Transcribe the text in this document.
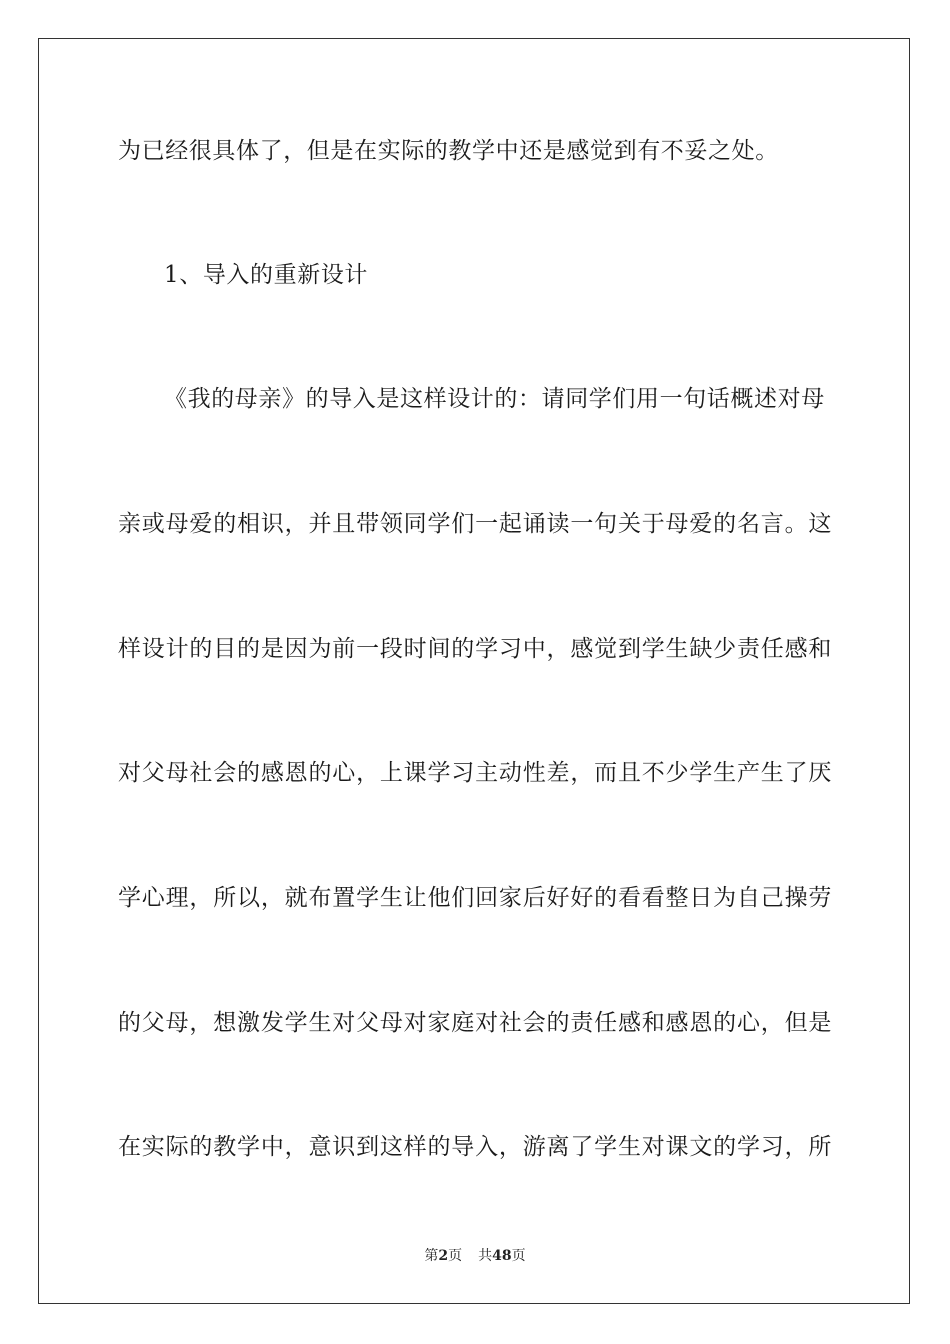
为已经很具体了，但是在实际的教学中还是感觉到有不妥之处。
1、导入的重新设计
《我的母亲》的导入是这样设计的：请同学们用一句话概述对母
亲或母爱的相识，并且带领同学们一起诵读一句关于母爱的名言。这
样设计的目的是因为前一段时间的学习中，感觉到学生缺少责任感和
对父母社会的感恩的心，上课学习主动性差，而且不少学生产生了厌
学心理，所以，就布置学生让他们回家后好好的看看整日为自己操劳
的父母，想激发学生对父母对家庭对社会的责任感和感恩的心，但是
在实际的教学中，意识到这样的导入，游离了学生对课文的学习，所
第2页 共48页
